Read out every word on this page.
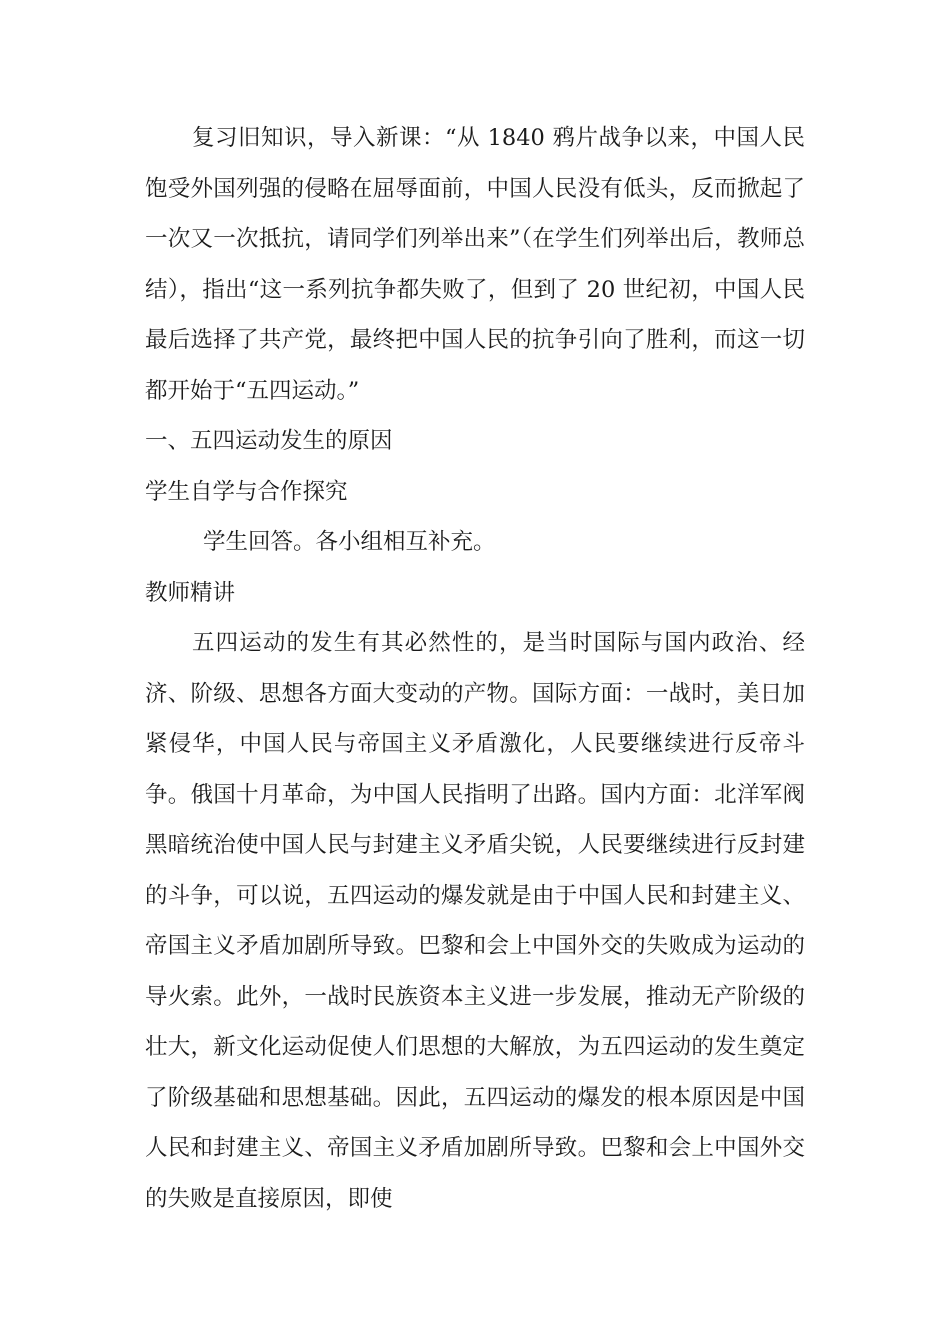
复习旧知识，导入新课：“从 1840 鸦片战争以来，中国人民饱受外国列强的侵略在屈辱面前，中国人民没有低头，反而掀起了一次又一次抵抗，请同学们列举出来”（在学生们列举出后，教师总结），指出“这一系列抗争都失败了，但到了 20 世纪初，中国人民最后选择了共产党，最终把中国人民的抗争引向了胜利，而这一切都开始于“五四运动。”

一、五四运动发生的原因

学生自学与合作探究

学生回答。各小组相互补充。

教师精讲

五四运动的发生有其必然性的，是当时国际与国内政治、经济、阶级、思想各方面大变动的产物。国际方面：一战时，美日加紧侵华，中国人民与帝国主义矛盾激化，人民要继续进行反帝斗争。俄国十月革命，为中国人民指明了出路。国内方面：北洋军阀黑暗统治使中国人民与封建主义矛盾尖锐，人民要继续进行反封建的斗争，可以说，五四运动的爆发就是由于中国人民和封建主义、帝国主义矛盾加剧所导致。巴黎和会上中国外交的失败成为运动的导火索。此外，一战时民族资本主义进一步发展，推动无产阶级的壮大，新文化运动促使人们思想的大解放，为五四运动的发生奠定了阶级基础和思想基础。因此，五四运动的爆发的根本原因是中国人民和封建主义、帝国主义矛盾加剧所导致。巴黎和会上中国外交的失败是直接原因，即使
